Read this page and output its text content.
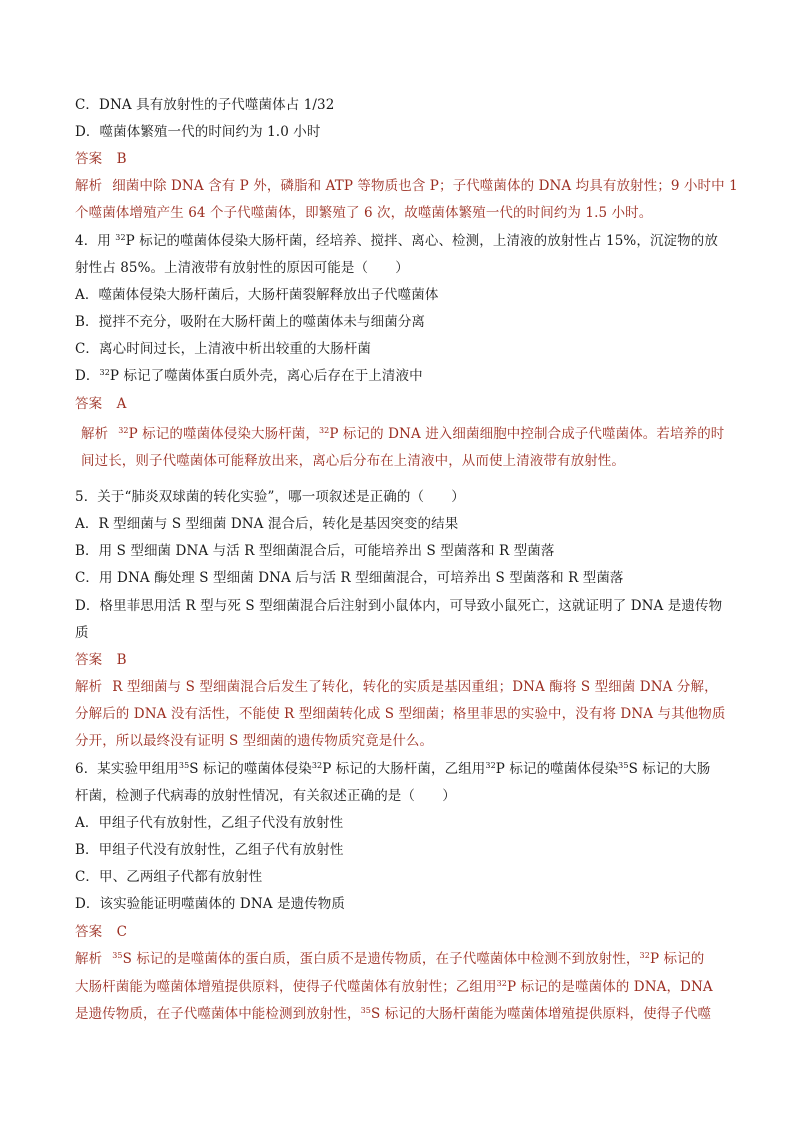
C．DNA 具有放射性的子代噬菌体占 1/32
D．噬菌体繁殖一代的时间约为 1.0 小时
答案 B
解析 细菌中除 DNA 含有 P 外，磷脂和 ATP 等物质也含 P；子代噬菌体的 DNA 均具有放射性；9 小时中 1
个噬菌体增殖产生 64 个子代噬菌体，即繁殖了 6 次，故噬菌体繁殖一代的时间约为 1.5 小时。
4．用 $^{32}$P 标记的噬菌体侵染大肠杆菌，经培养、搅拌、离心、检测，上清液的放射性占 15%，沉淀物的放
射性占 85%。上清液带有放射性的原因可能是（　　）
A．噬菌体侵染大肠杆菌后，大肠杆菌裂解释放出子代噬菌体
B．搅拌不充分，吸附在大肠杆菌上的噬菌体未与细菌分离
C．离心时间过长，上清液中析出较重的大肠杆菌
D．$^{32}$P 标记了噬菌体蛋白质外壳，离心后存在于上清液中
答案 A
解析 $^{32}$P 标记的噬菌体侵染大肠杆菌，$^{32}$P 标记的 DNA 进入细菌细胞中控制合成子代噬菌体。若培养的时
间过长，则子代噬菌体可能释放出来，离心后分布在上清液中，从而使上清液带有放射性。
5．关于“肺炎双球菌的转化实验”，哪一项叙述是正确的（　　）
A．R 型细菌与 S 型细菌 DNA 混合后，转化是基因突变的结果
B．用 S 型细菌 DNA 与活 R 型细菌混合后，可能培养出 S 型菌落和 R 型菌落
C．用 DNA 酶处理 S 型细菌 DNA 后与活 R 型细菌混合，可培养出 S 型菌落和 R 型菌落
D．格里菲思用活 R 型与死 S 型细菌混合后注射到小鼠体内，可导致小鼠死亡，这就证明了 DNA 是遗传物
质
答案 B
解析 R 型细菌与 S 型细菌混合后发生了转化，转化的实质是基因重组；DNA 酶将 S 型细菌 DNA 分解，
分解后的 DNA 没有活性，不能使 R 型细菌转化成 S 型细菌；格里菲思的实验中，没有将 DNA 与其他物质
分开，所以最终没有证明 S 型细菌的遗传物质究竟是什么。
6．某实验甲组用$^{35}$S 标记的噬菌体侵染$^{32}$P 标记的大肠杆菌，乙组用$^{32}$P 标记的噬菌体侵染$^{35}$S 标记的大肠
杆菌，检测子代病毒的放射性情况，有关叙述正确的是（　　）
A．甲组子代有放射性，乙组子代没有放射性
B．甲组子代没有放射性，乙组子代有放射性
C．甲、乙两组子代都有放射性
D．该实验能证明噬菌体的 DNA 是遗传物质
答案 C
解析 $^{35}$S 标记的是噬菌体的蛋白质，蛋白质不是遗传物质，在子代噬菌体中检测不到放射性，$^{32}$P 标记的
大肠杆菌能为噬菌体增殖提供原料，使得子代噬菌体有放射性；乙组用$^{32}$P 标记的是噬菌体的 DNA，DNA
是遗传物质，在子代噬菌体中能检测到放射性，$^{35}$S 标记的大肠杆菌能为噬菌体增殖提供原料，使得子代噬
